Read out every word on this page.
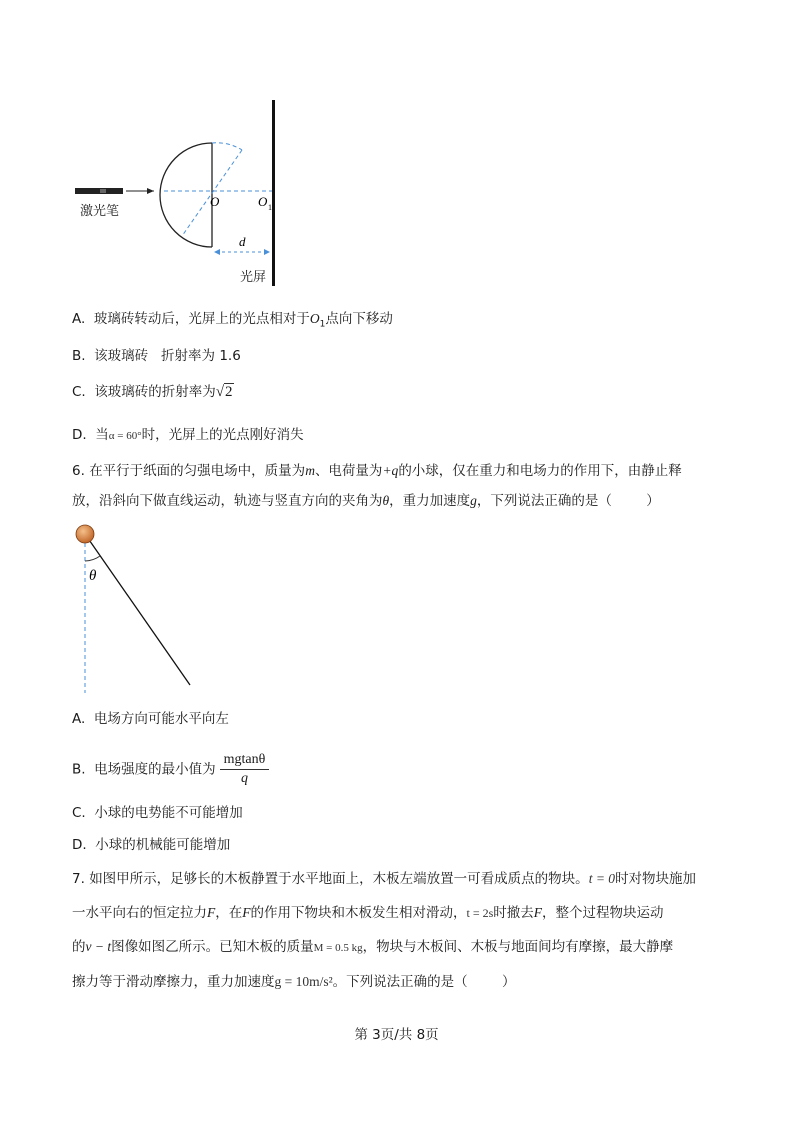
O	O 1
d
激光笔
光屏
A. 玻璃砖转动后，光屏上的光点相对于$O_1$点向下移动
B. 该玻璃砖   折射率为 1.6
C. 该玻璃砖的折射率为√2
D. 当α = 60°时，光屏上的光点刚好消失
6. 在平行于纸面的匀强电场中，质量为m、电荷量为+q的小球，仅在重力和电场力的作用下，由静止释
放，沿斜向下做直线运动，轨迹与竖直方向的夹角为θ，重力加速度g，下列说法正确的是（        ）
θ
A. 电场方向可能水平向左
B. 电场强度的最小值为 $\frac{mgtan\theta}{q}$
C. 小球的电势能不可能增加
D. 小球的机械能可能增加
7. 如图甲所示，足够长的木板静置于水平地面上，木板左端放置一可看成质点的物块。t = 0时对物块施加
一水平向右的恒定拉力F，在F的作用下物块和木板发生相对滑动，t = 2s时撤去F，整个过程物块运动
的v − t图像如图乙所示。已知木板的质量M = 0.5 kg，物块与木板间、木板与地面间均有摩擦，最大静摩
擦力等于滑动摩擦力，重力加速度g = 10m/s²。下列说法正确的是（        ）
第 3页/共 8页
